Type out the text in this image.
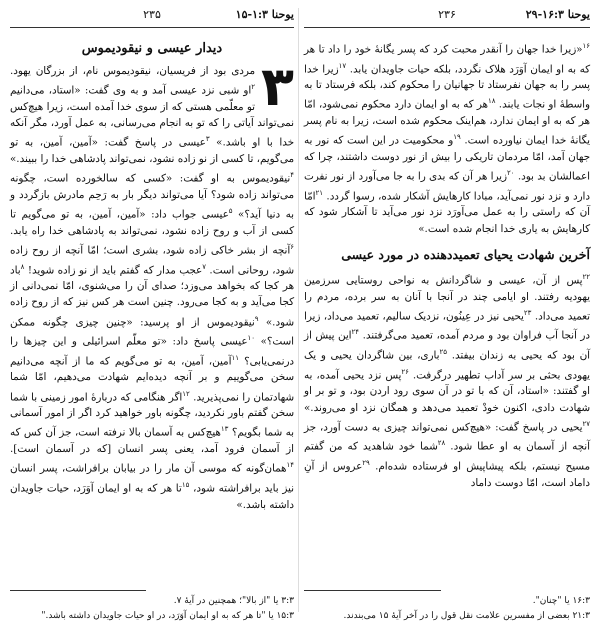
یوحنا ۱:۳-۱۵
۲۳۵
دیدار عیسی و نیقودیموس
۳

مردی بود از فریسیان، نیقودیموس نام، از بزرگان یهود. $^۲$او شبی نزد عیسی آمد و به وی گفت: «استاد، می‌دانیم تو معلّمی هستی که از سوی خدا آمده است، زیرا هیچ‌کس نمی‌تواند آیاتی را که تو به انجام می‌رسانی، به عمل آورد، مگر آنکه خدا با او باشد.» $^۳$عیسی در پاسخ گفت: «آمین، آمین، به تو می‌گویم، تا کسی از نو زاده نشود، نمی‌تواند پادشاهی خدا را ببیند.» $^۴$نیقودیموس به او گفت: «کسی که سالخورده است، چگونه می‌تواند زاده شود؟ آیا می‌تواند دیگر بار به رَحِم مادرش بازگردد و به دنیا آید؟» $^۵$عیسی جواب داد: «آمین، آمین، به تو می‌گویم تا کسی از آب و روح زاده نشود، نمی‌تواند به پادشاهی خدا راه یابد. $^۶$آنچه از بشر خاکی زاده شود، بشری است؛ امّا آنچه از روح زاده شود، روحانی است. $^۷$عجب مدار که گفتم باید از نو زاده شوید! $^۸$باد هر کجا که بخواهد می‌وزد؛ صدای آن را می‌شنوی، امّا نمی‌دانی از کجا می‌آید و به کجا می‌رود. چنین است هر کس نیز که از روح زاده شود.» $^۹$نیقودیموس از او پرسید: «چنین چیزی چگونه ممکن است؟» $^{۱۰}$عیسی پاسخ داد: «تو معلّم اسرائیلی و این چیزها را درنمی‌یابی؟ $^{۱۱}$آمین، آمین، به تو می‌گویم که ما از آنچه می‌دانیم سخن می‌گوییم و بر آنچه دیده‌ایم شهادت می‌دهیم، امّا شما شهادتمان را نمی‌پذیرید. $^{۱۲}$اگر هنگامی که دربارهٔ امور زمینی با شما سخن گفتم باور نکردید، چگونه باور خواهید کرد اگر از امور آسمانی به شما بگویم؟ $^{۱۳}$هیچ‌کس به آسمان بالا نرفته است، جز آن کس که از آسمان فرود آمد، یعنی پسر انسان [که در آسمان است]. $^{۱۴}$همان‌گونه که موسی آن مار را در بیابان برافراشت، پسر انسان نیز باید برافراشته شود، $^{۱۵}$تا هر که به او ایمان آوَرَد، حیات جاویدان داشته باشد.»

۳:۳ یا "از بالا"؛ همچنین در آیهٔ ۷.

۱۵:۳ یا "تا هر که به او ایمان آوَرَد، در او حیات جاویدان داشته باشد."

یوحنا ۱۶:۳-۲۹
۲۳۶

$^{۱۶}$«زیرا خدا جهان را آنقدر محبت کرد که پسر یگانهٔ خود را داد تا هر که به او ایمان آوَرَد هلاک نگردد، بلکه حیات جاویدان یابد. $^{۱۷}$زیرا خدا پسر را به جهان نفرستاد تا جهانیان را محکوم کند، بلکه فرستاد تا به واسطهٔ او نجات یابند. $^{۱۸}$هر که به او ایمان دارد محکوم نمی‌شود، امّا هر که به او ایمان ندارد، هم‌اینک محکوم شده است، زیرا به نام پسر یگانهٔ خدا ایمان نیاورده است. $^{۱۹}$و محکومیت در این است که نور به جهان آمد، امّا مردمان تاریکی را بیش از نور دوست داشتند، چرا که اعمالشان بد بود. $^{۲۰}$زیرا هر آن که بدی را به جا می‌آورد از نور نفرت دارد و نزد نور نمی‌آید، مبادا کارهایش آشکار شده، رسوا گردد. $^{۲۱}$امّا آن که راستی را به عمل می‌آورَد نزد نور می‌آید تا آشکار شود که کارهایش به یاری خدا انجام شده است.»

آخرین شهادت یحیای تعمیددهنده در مورد عیسی

$^{۲۲}$پس از آن، عیسی و شاگردانش به نواحی روستایی سرزمین یهودیه رفتند. او ایامی چند در آنجا با آنان به سر برده، مردم را تعمید می‌داد. $^{۲۳}$یحیی نیز در عِینُون، نزدیک سالیم، تعمید می‌داد، زیرا در آنجا آب فراوان بود و مردم آمده، تعمید می‌گرفتند. $^{۲۴}$این پیش از آن بود که یحیی به زندان بیفتد. $^{۲۵}$باری، بین شاگردان یحیی و یک یهودی بحثی بر سر آداب تطهیر درگرفت. $^{۲۶}$پس نزد یحیی آمده، به او گفتند: «استاد، آن که با تو در آن سوی رود اردن بود، و تو بر او شهادت دادی، اکنون خودْ تعمید می‌دهد و همگان نزد او می‌روند.» $^{۲۷}$یحیی در پاسخ گفت: «هیچ‌کس نمی‌تواند چیزی به دست آورد، جز آنچه از آسمان به او عطا شود. $^{۲۸}$شما خود شاهدید که من گفتم مسیح نیستم، بلکه پیشاپیش او فرستاده شده‌ام. $^{۲۹}$عروس از آنِ داماد است، امّا دوست داماد

۱۶:۳ یا "چنان".

۲۱:۳ بعضی از مفسرین علامت نقل قول را در آخر آیهٔ ۱۵ می‌بندند.
